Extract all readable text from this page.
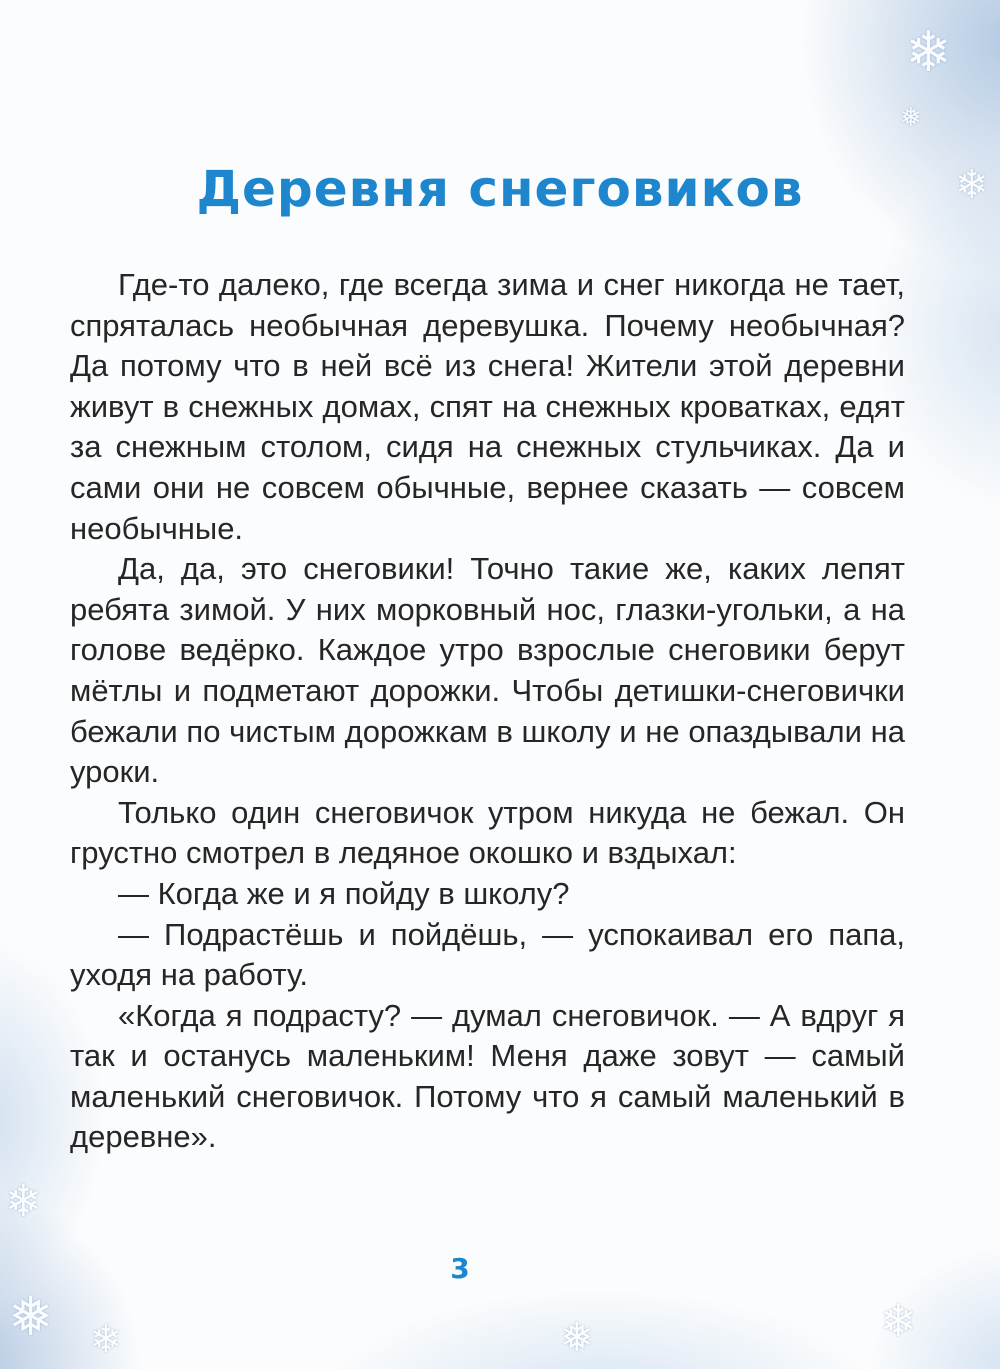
❄
❄
❅
❄
❅ ❄	❅	❄
Деревня снеговиков

Где-то далеко, где всегда зима и снег никогда не тает, спряталась необычная деревушка. Почему необычная? Да потому что в ней всё из снега! Жители этой деревни живут в снежных домах, спят на снежных кроватках, едят за снежным столом, сидя на снежных стульчиках. Да и сами они не совсем обычные, вернее сказать — совсем необычные.

Да, да, это снеговики! Точно такие же, каких лепят ребята зимой. У них морковный нос, глазки-угольки, а на голове ведёрко. Каждое утро взрослые снеговики берут мётлы и подметают дорожки. Чтобы детишки-снеговички бежали по чистым дорожкам в школу и не опаздывали на уроки.

Только один снеговичок утром никуда не бежал. Он грустно смотрел в ледяное окошко и вздыхал:

— Когда же и я пойду в школу?

— Подрастёшь и пойдёшь, — успокаивал его папа, уходя на работу.

«Когда я подрасту? — думал снеговичок. — А вдруг я так и останусь маленьким! Меня даже зовут — самый маленький снеговичок. Потому что я самый маленький в деревне».

3
